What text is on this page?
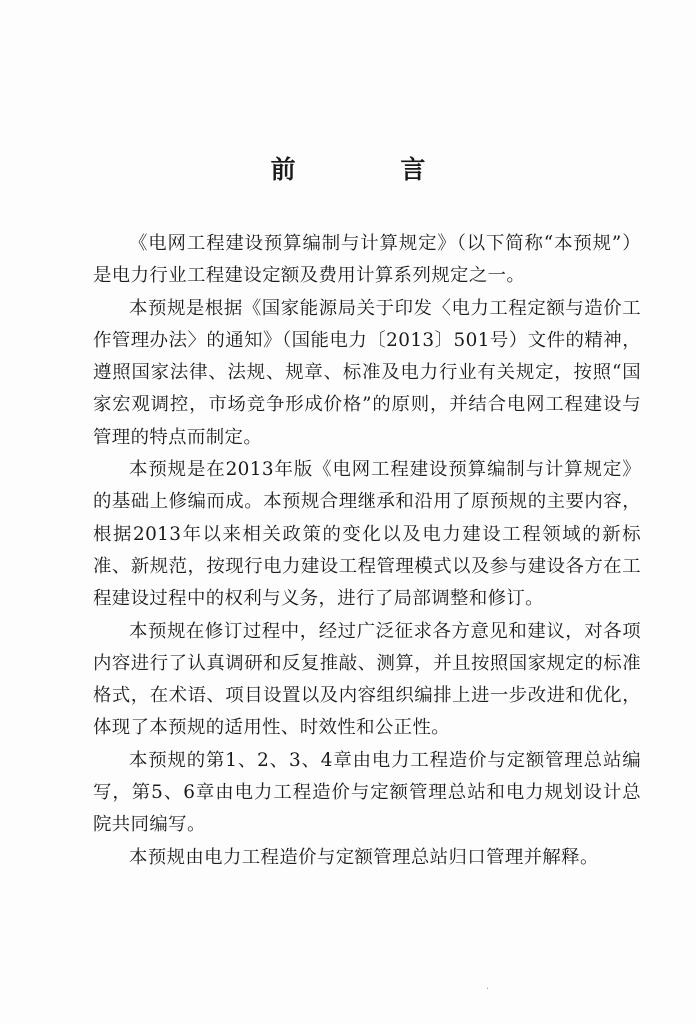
前 言

《电网工程建设预算编制与计算规定》（以下简称“本预规”）是电力行业工程建设定额及费用计算系列规定之一。

本预规是根据《国家能源局关于印发〈电力工程定额与造价工作管理办法〉的通知》（国能电力〔2013〕501号）文件的精神，遵照国家法律、法规、规章、标准及电力行业有关规定，按照“国家宏观调控，市场竞争形成价格”的原则，并结合电网工程建设与管理的特点而制定。

本预规是在2013年版《电网工程建设预算编制与计算规定》的基础上修编而成。本预规合理继承和沿用了原预规的主要内容，根据2013年以来相关政策的变化以及电力建设工程领域的新标准、新规范，按现行电力建设工程管理模式以及参与建设各方在工程建设过程中的权利与义务，进行了局部调整和修订。

本预规在修订过程中，经过广泛征求各方意见和建议，对各项内容进行了认真调研和反复推敲、测算，并且按照国家规定的标准格式，在术语、项目设置以及内容组织编排上进一步改进和优化，体现了本预规的适用性、时效性和公正性。

本预规的第1、2、3、4章由电力工程造价与定额管理总站编写，第5、6章由电力工程造价与定额管理总站和电力规划设计总院共同编写。

本预规由电力工程造价与定额管理总站归口管理并解释。

·
